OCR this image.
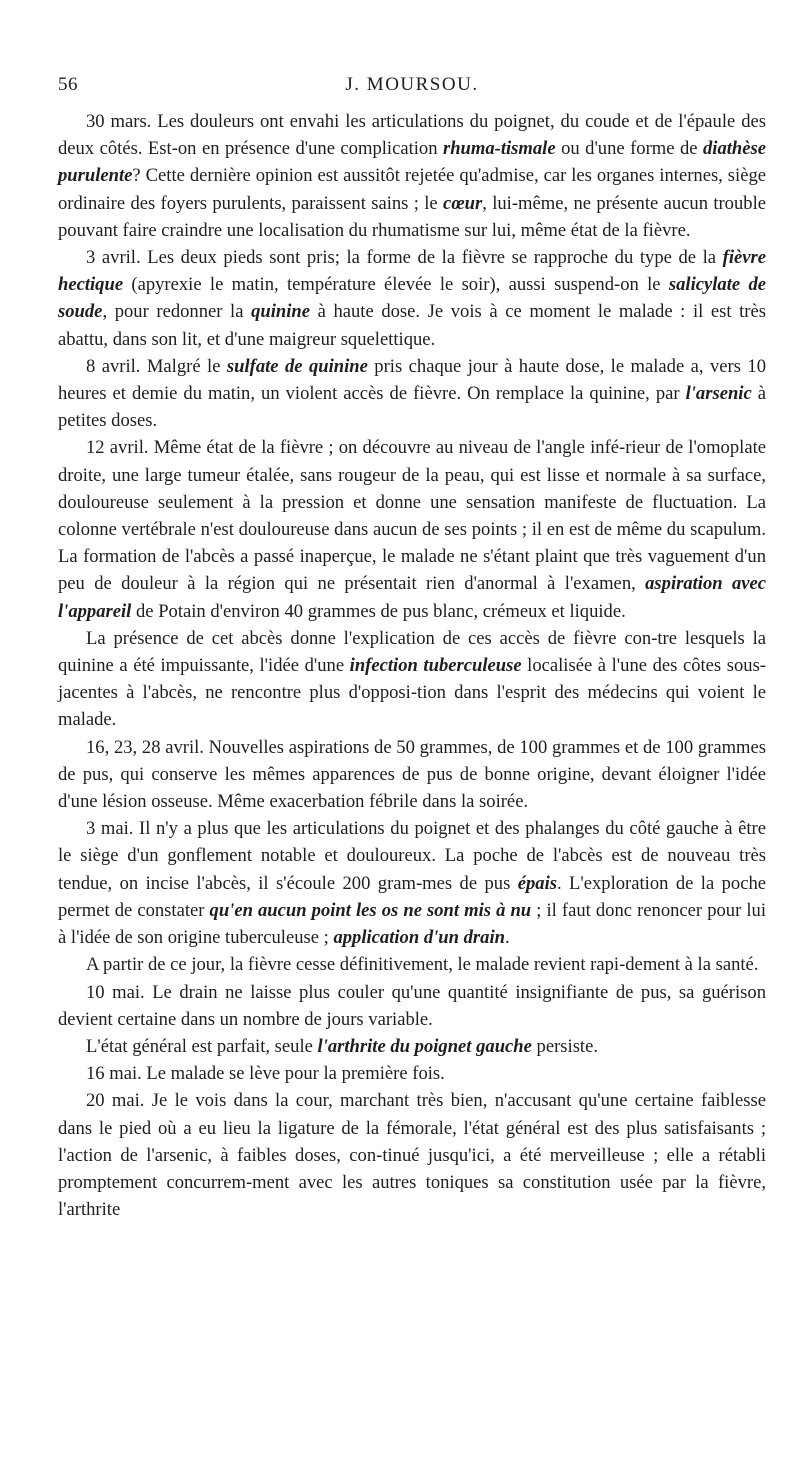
56	J. MOURSOU.

30 mars. Les douleurs ont envahi les articulations du poignet, du coude et de l'épaule des deux côtés. Est-on en présence d'une complication rhuma-tismale ou d'une forme de diathèse purulente? Cette dernière opinion est aussitôt rejetée qu'admise, car les organes internes, siège ordinaire des foyers purulents, paraissent sains ; le cœur, lui-même, ne présente aucun trouble pouvant faire craindre une localisation du rhumatisme sur lui, même état de la fièvre.

3 avril. Les deux pieds sont pris; la forme de la fièvre se rapproche du type de la fièvre hectique (apyrexie le matin, température élevée le soir), aussi suspend-on le salicylate de soude, pour redonner la quinine à haute dose. Je vois à ce moment le malade : il est très abattu, dans son lit, et d'une maigreur squelettique.

8 avril. Malgré le sulfate de quinine pris chaque jour à haute dose, le malade a, vers 10 heures et demie du matin, un violent accès de fièvre. On remplace la quinine, par l'arsenic à petites doses.

12 avril. Même état de la fièvre ; on découvre au niveau de l'angle infé-rieur de l'omoplate droite, une large tumeur étalée, sans rougeur de la peau, qui est lisse et normale à sa surface, douloureuse seulement à la pression et donne une sensation manifeste de fluctuation. La colonne vertébrale n'est douloureuse dans aucun de ses points ; il en est de même du scapulum. La formation de l'abcès a passé inaperçue, le malade ne s'étant plaint que très vaguement d'un peu de douleur à la région qui ne présentait rien d'anormal à l'examen, aspiration avec l'appareil de Potain d'environ 40 grammes de pus blanc, crémeux et liquide.

La présence de cet abcès donne l'explication de ces accès de fièvre con-tre lesquels la quinine a été impuissante, l'idée d'une infection tuberculeuse localisée à l'une des côtes sous-jacentes à l'abcès, ne rencontre plus d'opposi-tion dans l'esprit des médecins qui voient le malade.

16, 23, 28 avril. Nouvelles aspirations de 50 grammes, de 100 grammes et de 100 grammes de pus, qui conserve les mêmes apparences de pus de bonne origine, devant éloigner l'idée d'une lésion osseuse. Même exacerbation fébrile dans la soirée.

3 mai. Il n'y a plus que les articulations du poignet et des phalanges du côté gauche à être le siège d'un gonflement notable et douloureux. La poche de l'abcès est de nouveau très tendue, on incise l'abcès, il s'écoule 200 gram-mes de pus épais. L'exploration de la poche permet de constater qu'en aucun point les os ne sont mis à nu ; il faut donc renoncer pour lui à l'idée de son origine tuberculeuse ; application d'un drain.

A partir de ce jour, la fièvre cesse définitivement, le malade revient rapi-dement à la santé.

10 mai. Le drain ne laisse plus couler qu'une quantité insignifiante de pus, sa guérison devient certaine dans un nombre de jours variable.

L'état général est parfait, seule l'arthrite du poignet gauche persiste.

16 mai. Le malade se lève pour la première fois.

20 mai. Je le vois dans la cour, marchant très bien, n'accusant qu'une certaine faiblesse dans le pied où a eu lieu la ligature de la fémorale, l'état général est des plus satisfaisants ; l'action de l'arsenic, à faibles doses, con-tinué jusqu'ici, a été merveilleuse ; elle a rétabli promptement concurrem-ment avec les autres toniques sa constitution usée par la fièvre, l'arthrite
